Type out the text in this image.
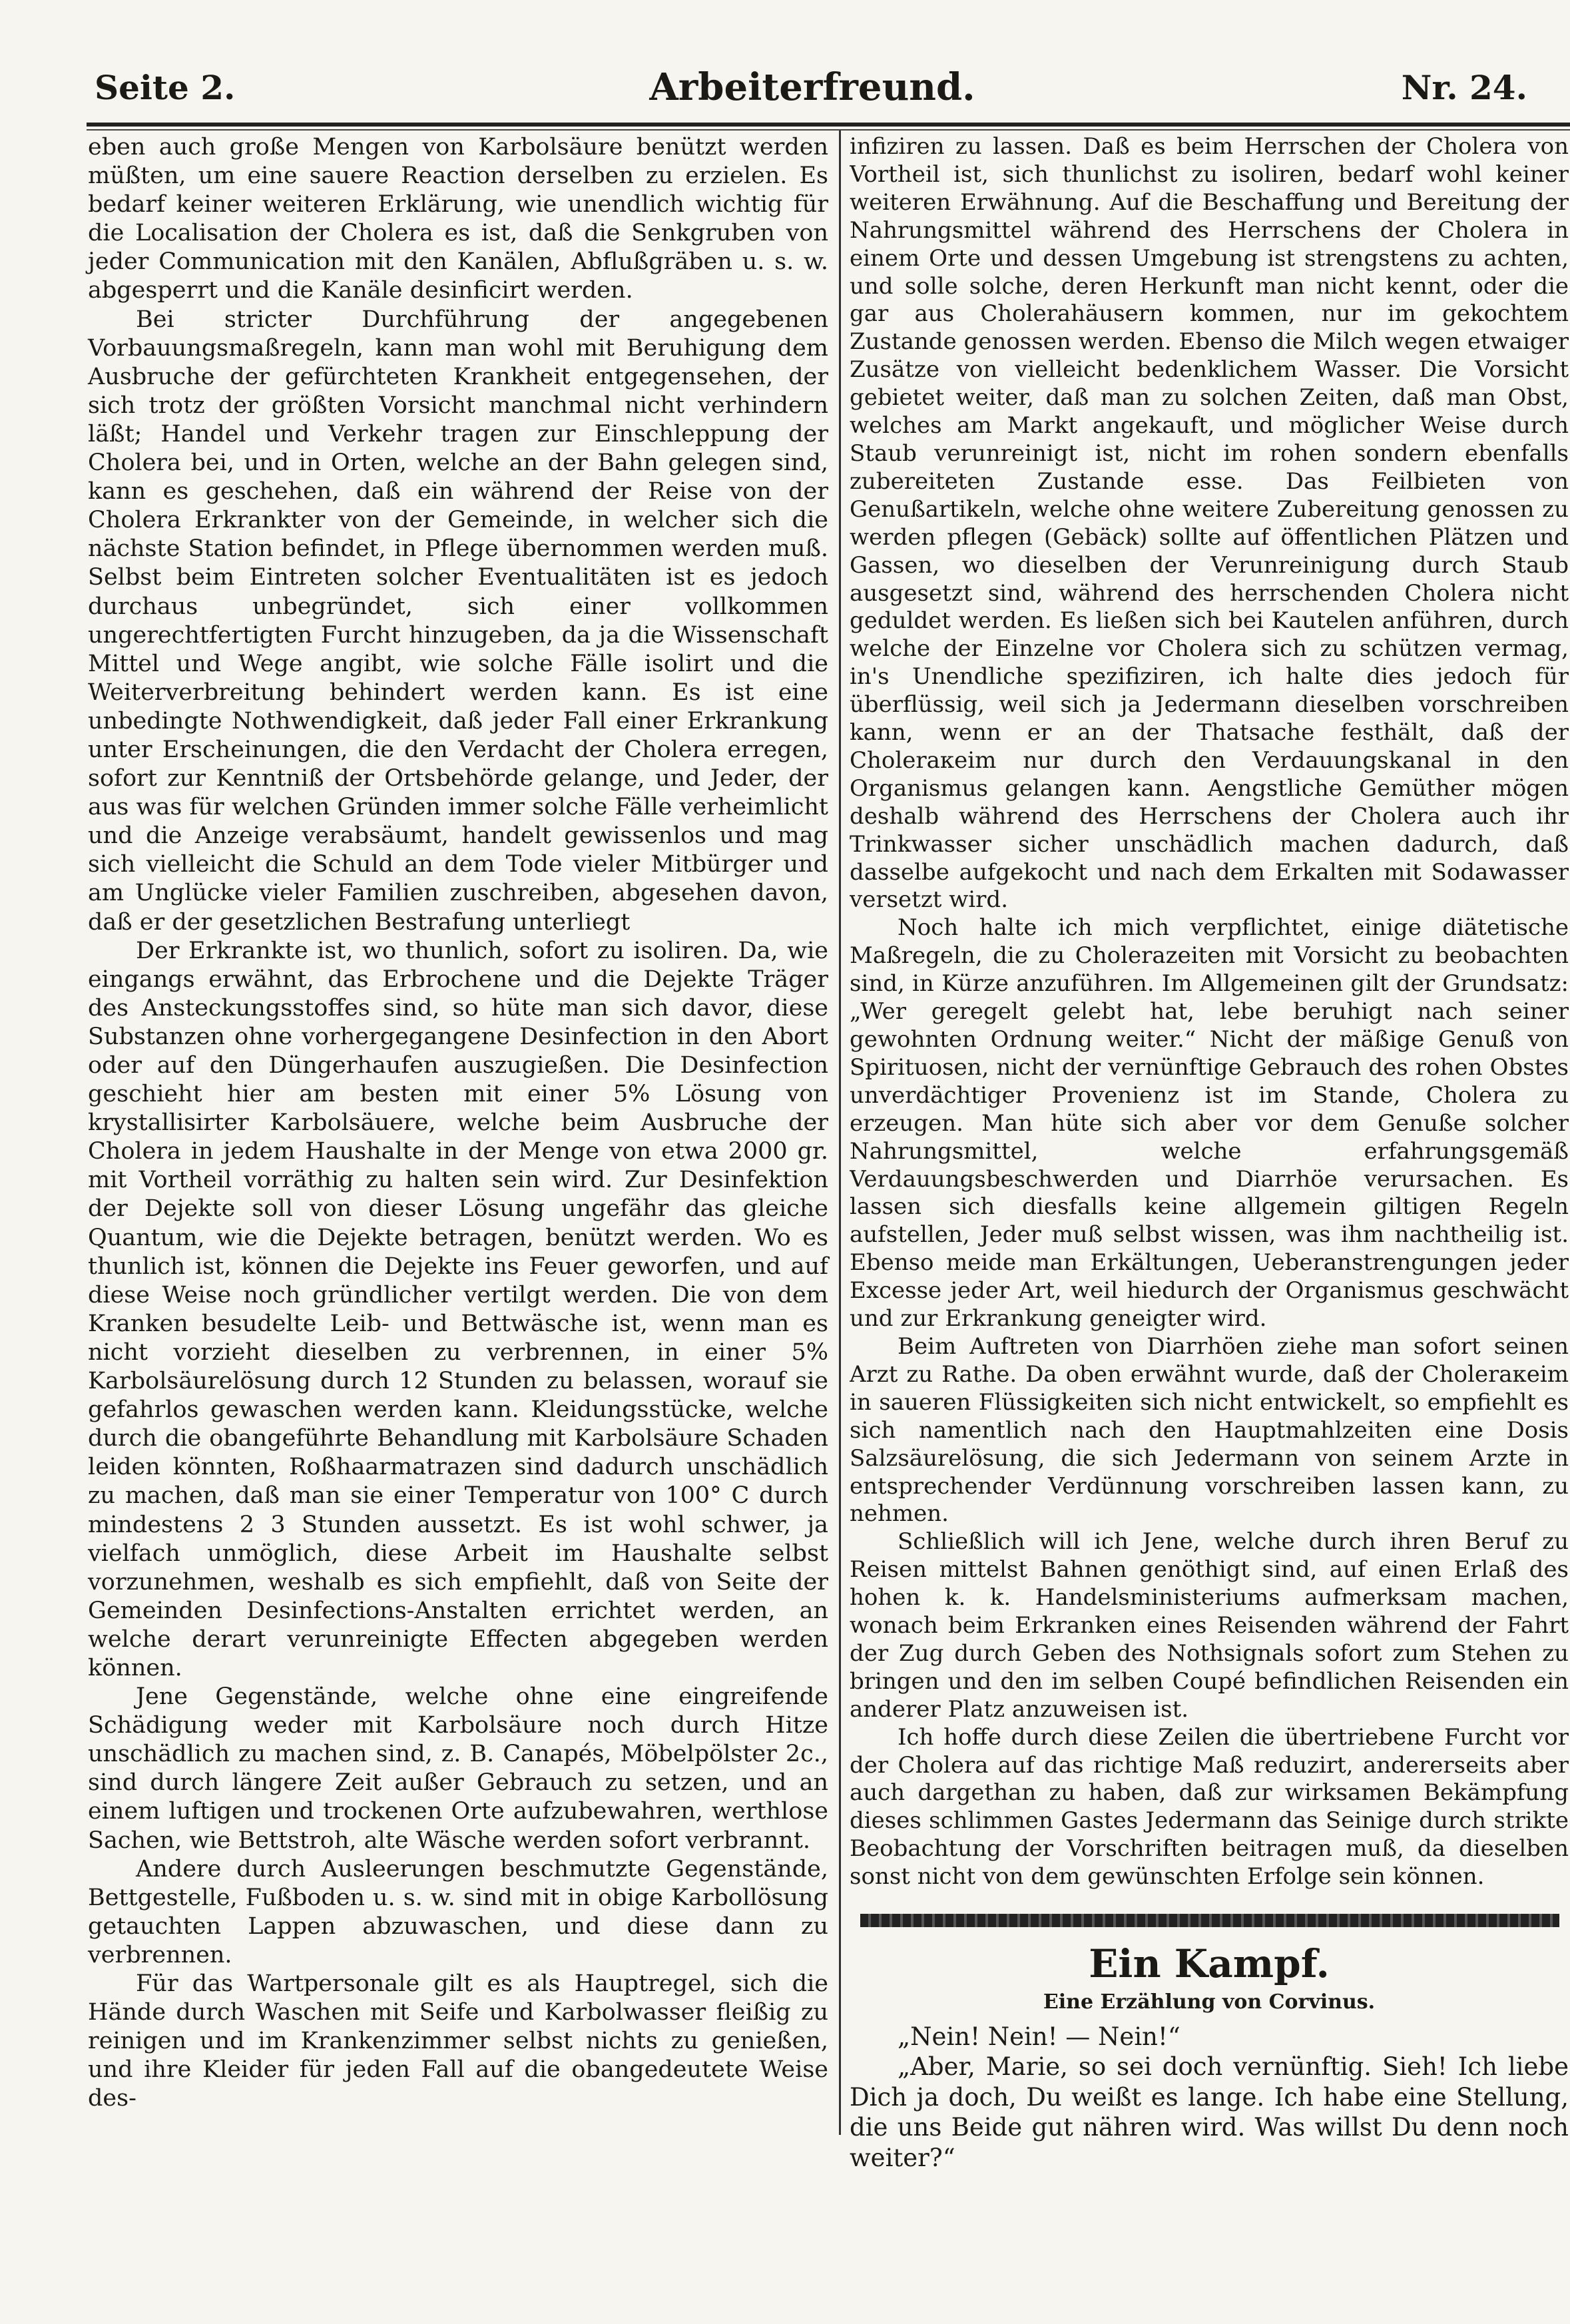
Seite 2.	Arbeiterfreund.	Nr. 24.

eben auch große Mengen von Karbolsäure benützt werden müßten, um eine sauere Reaction derselben zu erzielen. Es bedarf keiner weiteren Erklärung, wie unendlich wichtig für die Localisation der Cholera es ist, daß die Senkgruben von jeder Communication mit den Kanälen, Abflußgräben u. s. w. abgesperrt und die Kanäle desinficirt werden.

Bei stricter Durchführung der angegebenen Vorbauungsmaßregeln, kann man wohl mit Beruhigung dem Ausbruche der gefürchteten Krankheit entgegensehen, der sich trotz der größten Vorsicht manchmal nicht verhindern läßt; Handel und Verkehr tragen zur Einschleppung der Cholera bei, und in Orten, welche an der Bahn gelegen sind, kann es geschehen, daß ein während der Reise von der Cholera Erkrankter von der Gemeinde, in welcher sich die nächste Station befindet, in Pflege übernommen werden muß. Selbst beim Eintreten solcher Eventualitäten ist es jedoch durchaus unbegründet, sich einer vollkommen ungerechtfertigten Furcht hinzugeben, da ja die Wissenschaft Mittel und Wege angibt, wie solche Fälle isolirt und die Weiterverbreitung behindert werden kann. Es ist eine unbedingte Nothwendigkeit, daß jeder Fall einer Erkrankung unter Erscheinungen, die den Verdacht der Cholera erregen, sofort zur Kenntniß der Ortsbehörde gelange, und Jeder, der aus was für welchen Gründen immer solche Fälle verheimlicht und die Anzeige verabsäumt, handelt gewissenlos und mag sich vielleicht die Schuld an dem Tode vieler Mitbürger und am Unglücke vieler Familien zuschreiben, abgesehen davon, daß er der gesetzlichen Bestrafung unterliegt

Der Erkrankte ist, wo thunlich, sofort zu isoliren. Da, wie eingangs erwähnt, das Erbrochene und die Dejekte Träger des Ansteckungsstoffes sind, so hüte man sich davor, diese Substanzen ohne vorhergegangene Desinfection in den Abort oder auf den Düngerhaufen auszugießen. Die Desinfection geschieht hier am besten mit einer 5% Lösung von krystallisirter Karbolsäuere, welche beim Ausbruche der Cholera in jedem Haushalte in der Menge von etwa 2000 gr. mit Vortheil vorräthig zu halten sein wird. Zur Desinfektion der Dejekte soll von dieser Lösung ungefähr das gleiche Quantum, wie die Dejekte betragen, benützt werden. Wo es thunlich ist, können die Dejekte ins Feuer geworfen, und auf diese Weise noch gründlicher vertilgt werden. Die von dem Kranken besudelte Leib- und Bettwäsche ist, wenn man es nicht vorzieht dieselben zu verbrennen, in einer 5% Karbolsäurelösung durch 12 Stunden zu belassen, worauf sie gefahrlos gewaschen werden kann. Kleidungsstücke, welche durch die obangeführte Behandlung mit Karbolsäure Schaden leiden könnten, Roßhaarmatrazen sind dadurch unschädlich zu machen, daß man sie einer Temperatur von 100° C durch mindestens 2 3 Stunden aussetzt. Es ist wohl schwer, ja vielfach unmöglich, diese Arbeit im Haushalte selbst vorzunehmen, weshalb es sich empfiehlt, daß von Seite der Gemeinden Desinfections-Anstalten errichtet werden, an welche derart verunreinigte Effecten abgegeben werden können.

Jene Gegenstände, welche ohne eine eingreifende Schädigung weder mit Karbolsäure noch durch Hitze unschädlich zu machen sind, z. B. Canapés, Möbelpölster 2c., sind durch längere Zeit außer Gebrauch zu setzen, und an einem luftigen und trockenen Orte aufzubewahren, werthlose Sachen, wie Bettstroh, alte Wäsche werden sofort verbrannt.

Andere durch Ausleerungen beschmutzte Gegenstände, Bettgestelle, Fußboden u. s. w. sind mit in obige Karbollösung getauchten Lappen abzuwaschen, und diese dann zu verbrennen.

Für das Wartpersonale gilt es als Hauptregel, sich die Hände durch Waschen mit Seife und Karbolwasser fleißig zu reinigen und im Krankenzimmer selbst nichts zu genießen, und ihre Kleider für jeden Fall auf die obangedeutete Weise des-

infiziren zu lassen. Daß es beim Herrschen der Cholera von Vortheil ist, sich thunlichst zu isoliren, bedarf wohl keiner weiteren Erwähnung. Auf die Beschaffung und Bereitung der Nahrungsmittel während des Herrschens der Cholera in einem Orte und dessen Umgebung ist strengstens zu achten, und solle solche, deren Herkunft man nicht kennt, oder die gar aus Cholerahäusern kommen, nur im gekochtem Zustande genossen werden. Ebenso die Milch wegen etwaiger Zusätze von vielleicht bedenklichem Wasser. Die Vorsicht gebietet weiter, daß man zu solchen Zeiten, daß man Obst, welches am Markt angekauft, und möglicher Weise durch Staub verunreinigt ist, nicht im rohen sondern ebenfalls zubereiteten Zustande esse. Das Feilbieten von Genußartikeln, welche ohne weitere Zubereitung genossen zu werden pflegen (Gebäck) sollte auf öffentlichen Plätzen und Gassen, wo dieselben der Verunreinigung durch Staub ausgesetzt sind, während des herrschenden Cholera nicht geduldet werden. Es ließen sich bei Kautelen anführen, durch welche der Einzelne vor Cholera sich zu schützen vermag, in's Unendliche spezifiziren, ich halte dies jedoch für überflüssig, weil sich ja Jedermann dieselben vorschreiben kann, wenn er an der Thatsache festhält, daß der Choleraкeim nur durch den Verdauungskanal in den Organismus gelangen kann. Aengstliche Gemüther mögen deshalb während des Herrschens der Cholera auch ihr Trinkwasser sicher unschädlich machen dadurch, daß dasselbe aufgekocht und nach dem Erkalten mit Sodawasser versetzt wird.

Noch halte ich mich verpflichtet, einige diätetische Maßregeln, die zu Cholerazeiten mit Vorsicht zu beobachten sind, in Kürze anzuführen. Im Allgemeinen gilt der Grundsatz: „Wer geregelt gelebt hat, lebe beruhigt nach seiner gewohnten Ordnung weiter.“ Nicht der mäßige Genuß von Spirituosen, nicht der vernünftige Gebrauch des rohen Obstes unverdächtiger Provenienz ist im Stande, Cholera zu erzeugen. Man hüte sich aber vor dem Genuße solcher Nahrungsmittel, welche erfahrungsgemäß Verdauungsbeschwerden und Diarrhöe verursachen. Es lassen sich diesfalls keine allgemein giltigen Regeln aufstellen, Jeder muß selbst wissen, was ihm nachtheilig ist. Ebenso meide man Erkältungen, Ueberanstrengungen jeder Excesse jeder Art, weil hiedurch der Organismus geschwächt und zur Erkrankung geneigter wird.

Beim Auftreten von Diarrhöen ziehe man sofort seinen Arzt zu Rathe. Da oben erwähnt wurde, daß der Choleraкeim in saueren Flüssigkeiten sich nicht entwickelt, so empfiehlt es sich namentlich nach den Hauptmahlzeiten eine Dosis Salzsäurelösung, die sich Jedermann von seinem Arzte in entsprechender Verdünnung vorschreiben lassen kann, zu nehmen.

Schließlich will ich Jene, welche durch ihren Beruf zu Reisen mittelst Bahnen genöthigt sind, auf einen Erlaß des hohen k. k. Handelsministeriums aufmerksam machen, wonach beim Erkranken eines Reisenden während der Fahrt der Zug durch Geben des Nothsignals sofort zum Stehen zu bringen und den im selben Coupé befindlichen Reisenden ein anderer Platz anzuweisen ist.

Ich hoffe durch diese Zeilen die übertriebene Furcht vor der Cholera auf das richtige Maß reduzirt, andererseits aber auch dargethan zu haben, daß zur wirksamen Bekämpfung dieses schlimmen Gastes Jedermann das Seinige durch strikte Beobachtung der Vorschriften beitragen muß, da dieselben sonst nicht von dem gewünschten Erfolge sein können.

Ein Kampf.
Eine Erzählung von Corvinus.

„Nein! Nein! — Nein!“

„Aber, Marie, so sei doch vernünftig. Sieh! Ich liebe Dich ja doch, Du weißt es lange. Ich habe eine Stellung, die uns Beide gut nähren wird. Was willst Du denn noch weiter?“
